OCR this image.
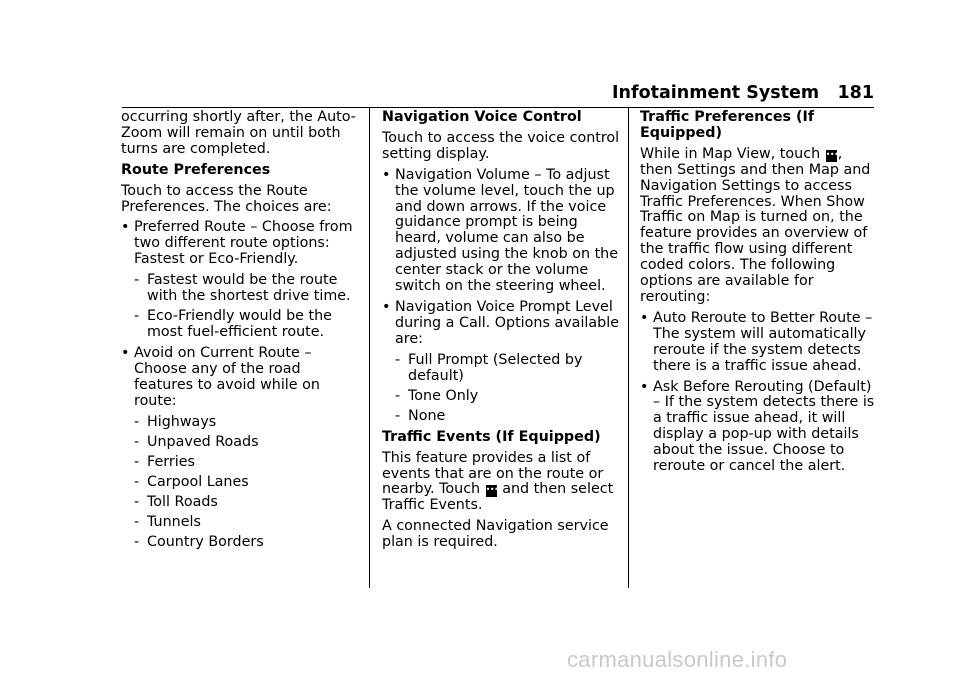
Infotainment System 181

occurring shortly after, the Auto-Zoom will remain on until both turns are completed.

Route Preferences

Touch to access the Route Preferences. The choices are:

• Preferred Route – Choose from two different route options: Fastest or Eco-Friendly.
- Fastest would be the route with the shortest drive time.
- Eco-Friendly would be the most fuel-efficient route.
• Avoid on Current Route – Choose any of the road features to avoid while on route:
- Highways
- Unpaved Roads
- Ferries
- Carpool Lanes
- Toll Roads
- Tunnels
- Country Borders
Navigation Voice Control

Touch to access the voice control setting display.

• Navigation Volume – To adjust the volume level, touch the up and down arrows. If the voice guidance prompt is being heard, volume can also be adjusted using the knob on the center stack or the volume switch on the steering wheel.
• Navigation Voice Prompt Level during a Call. Options available are:
- Full Prompt (Selected by default)
- Tone Only
- None
Traffic Events (If Equipped)

This feature provides a list of events that are on the route or nearby. Touch ••• and then select Traffic Events.

A connected Navigation service plan is required.

Traffic Preferences (If Equipped)

While in Map View, touch •••, then Settings and then Map and Navigation Settings to access Traffic Preferences. When Show Traffic on Map is turned on, the feature provides an overview of the traffic flow using different coded colors. The following options are available for rerouting:

• Auto Reroute to Better Route – The system will automatically reroute if the system detects there is a traffic issue ahead.
• Ask Before Rerouting (Default) – If the system detects there is a traffic issue ahead, it will display a pop-up with details about the issue. Choose to reroute or cancel the alert.
carmanualsonline.info
